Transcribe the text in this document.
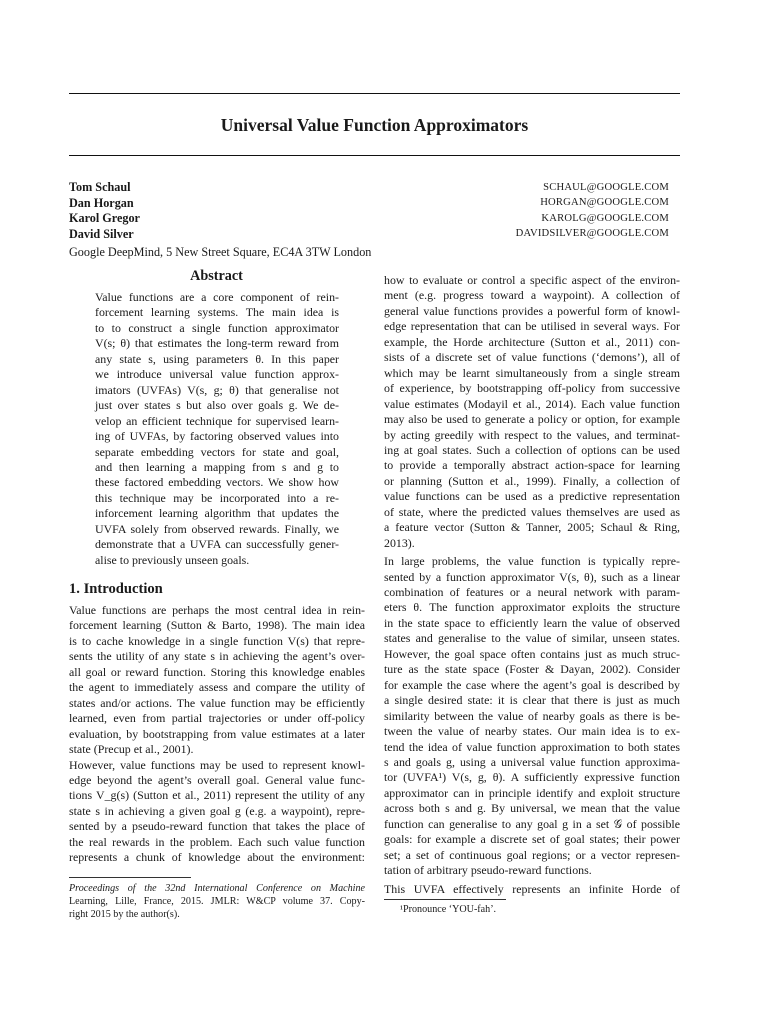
Universal Value Function Approximators
Tom Schaul	SCHAUL@GOOGLE.COM
Dan Horgan	HORGAN@GOOGLE.COM
Karol Gregor	KAROLG@GOOGLE.COM
David Silver	DAVIDSILVER@GOOGLE.COM
Google DeepMind, 5 New Street Square, EC4A 3TW London
Abstract
Value functions are a core component of rein-
forcement learning systems. The main idea is
to to construct a single function approximator
V(s; θ) that estimates the long-term reward from
any state s, using parameters θ. In this paper
we introduce universal value function approx-
imators (UVFAs) V(s, g; θ) that generalise not
just over states s but also over goals g. We de-
velop an efficient technique for supervised learn-
ing of UVFAs, by factoring observed values into
separate embedding vectors for state and goal,
and then learning a mapping from s and g to
these factored embedding vectors. We show how
this technique may be incorporated into a re-
inforcement learning algorithm that updates the
UVFA solely from observed rewards. Finally, we
demonstrate that a UVFA can successfully gener-
alise to previously unseen goals.
1. Introduction
Value functions are perhaps the most central idea in rein-
forcement learning (Sutton & Barto, 1998). The main idea
is to cache knowledge in a single function V(s) that repre-
sents the utility of any state s in achieving the agent’s over-
all goal or reward function. Storing this knowledge enables
the agent to immediately assess and compare the utility of
states and/or actions. The value function may be efficiently
learned, even from partial trajectories or under off-policy
evaluation, by bootstrapping from value estimates at a later
state (Precup et al., 2001).
However, value functions may be used to represent knowl-
edge beyond the agent’s overall goal. General value func-
tions V_g(s) (Sutton et al., 2011) represent the utility of any
state s in achieving a given goal g (e.g. a waypoint), repre-
sented by a pseudo-reward function that takes the place of
the real rewards in the problem. Each such value function
represents a chunk of knowledge about the environment:
how to evaluate or control a specific aspect of the environ-
ment (e.g. progress toward a waypoint). A collection of
general value functions provides a powerful form of knowl-
edge representation that can be utilised in several ways. For
example, the Horde architecture (Sutton et al., 2011) con-
sists of a discrete set of value functions (‘demons’), all of
which may be learnt simultaneously from a single stream
of experience, by bootstrapping off-policy from successive
value estimates (Modayil et al., 2014). Each value function
may also be used to generate a policy or option, for example
by acting greedily with respect to the values, and terminat-
ing at goal states. Such a collection of options can be used
to provide a temporally abstract action-space for learning
or planning (Sutton et al., 1999). Finally, a collection of
value functions can be used as a predictive representation
of state, where the predicted values themselves are used as
a feature vector (Sutton & Tanner, 2005; Schaul & Ring,
2013).
In large problems, the value function is typically repre-
sented by a function approximator V(s, θ), such as a linear
combination of features or a neural network with param-
eters θ. The function approximator exploits the structure
in the state space to efficiently learn the value of observed
states and generalise to the value of similar, unseen states.
However, the goal space often contains just as much struc-
ture as the state space (Foster & Dayan, 2002). Consider
for example the case where the agent’s goal is described by
a single desired state: it is clear that there is just as much
similarity between the value of nearby goals as there is be-
tween the value of nearby states. Our main idea is to ex-
tend the idea of value function approximation to both states
s and goals g, using a universal value function approxima-
tor (UVFA¹) V(s, g, θ). A sufficiently expressive function
approximator can in principle identify and exploit structure
across both s and g. By universal, we mean that the value
function can generalise to any goal g in a set 𝒢 of possible
goals: for example a discrete set of goal states; their power
set; a set of continuous goal regions; or a vector represen-
tation of arbitrary pseudo-reward functions.
This UVFA effectively represents an infinite Horde of
Proceedings of the 32nd International Conference on Machine
Learning, Lille, France, 2015. JMLR: W&CP volume 37. Copy-
right 2015 by the author(s).	¹Pronounce ‘YOU-fah’.
